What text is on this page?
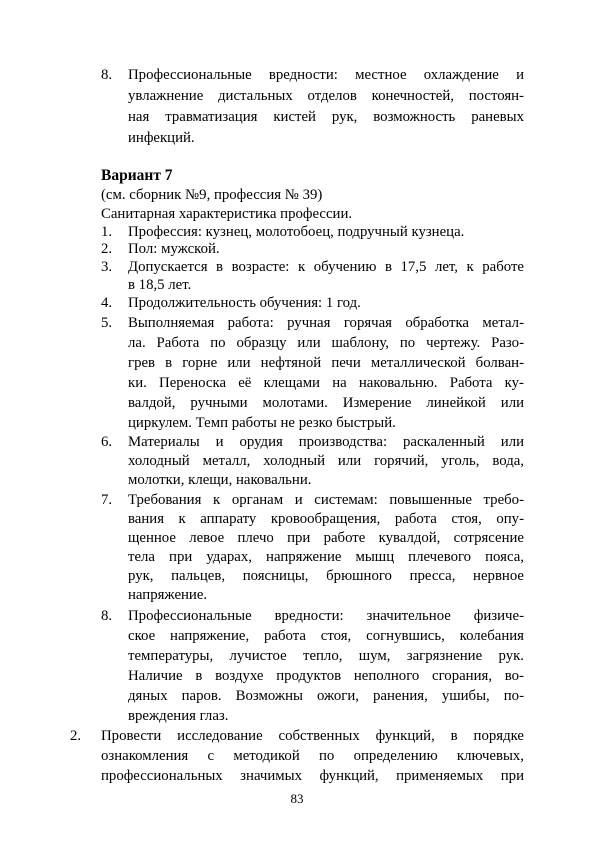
8. Профессиональные вредности: местное охлаждение и
увлажнение дистальных отделов конечностей, постоян-
ная травматизация кистей рук, возможность раневых
инфекций.
Вариант 7
(см. сборник №9, профессия № 39)
Санитарная характеристика профессии.
1. Профессия: кузнец, молотобоец, подручный кузнеца.
2. Пол: мужской.
3. Допускается в возрасте: к обучению в 17,5 лет, к работе
в 18,5 лет.
4. Продолжительность обучения: 1 год.
5. Выполняемая работа: ручная горячая обработка метал-
ла. Работа по образцу или шаблону, по чертежу. Разо-
грев в горне или нефтяной печи металлической болван-
ки. Переноска её клещами на наковальню. Работа ку-
валдой, ручными молотами. Измерение линейкой или
циркулем. Темп работы не резко быстрый.
6. Материалы и орудия производства: раскаленный или
холодный металл, холодный или горячий, уголь, вода,
молотки, клещи, наковальни.
7. Требования к органам и системам: повышенные требо-
вания к аппарату кровообращения, работа стоя, опу-
щенное левое плечо при работе кувалдой, сотрясение
тела при ударах, напряжение мышц плечевого пояса,
рук, пальцев, поясницы, брюшного пресса, нервное
напряжение.
8. Профессиональные вредности: значительное физиче-
ское напряжение, работа стоя, согнувшись, колебания
температуры, лучистое тепло, шум, загрязнение рук.
Наличие в воздухе продуктов неполного сгорания, во-
дяных паров. Возможны ожоги, ранения, ушибы, по-
вреждения глаз.
2. Провести исследование собственных функций, в порядке
ознакомления с методикой по определению ключевых,
профессиональных значимых функций, применяемых при
83
